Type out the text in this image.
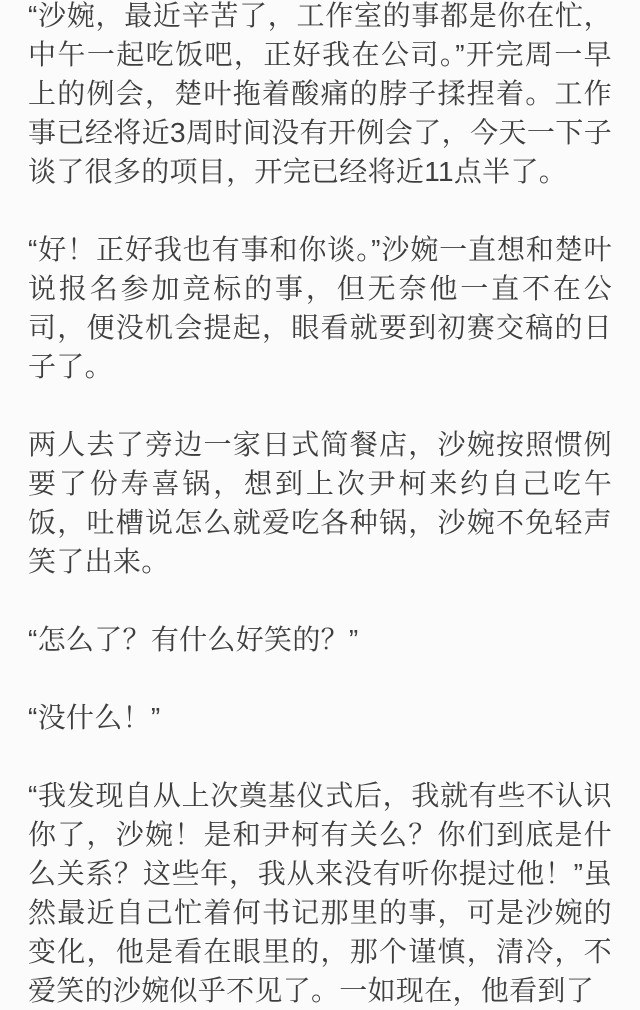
“沙婉，最近辛苦了，工作室的事都是你在忙，中午一起吃饭吧，正好我在公司。”开完周一早上的例会，楚叶拖着酸痛的脖子揉捏着。工作事已经将近3周时间没有开例会了，今天一下子谈了很多的项目，开完已经将近11点半了。

“好！正好我也有事和你谈。”沙婉一直想和楚叶说报名参加竞标的事，但无奈他一直不在公司，便没机会提起，眼看就要到初赛交稿的日子了。

两人去了旁边一家日式简餐店，沙婉按照惯例要了份寿喜锅，想到上次尹柯来约自己吃午饭，吐槽说怎么就爱吃各种锅，沙婉不免轻声笑了出来。

“怎么了？有什么好笑的？”

“没什么！”

“我发现自从上次奠基仪式后，我就有些不认识你了，沙婉！是和尹柯有关么？你们到底是什么关系？这些年，我从来没有听你提过他！”虽然最近自己忙着何书记那里的事，可是沙婉的变化，他是看在眼里的，那个谨慎，清冷，不爱笑的沙婉似乎不见了。一如现在，他看到了
